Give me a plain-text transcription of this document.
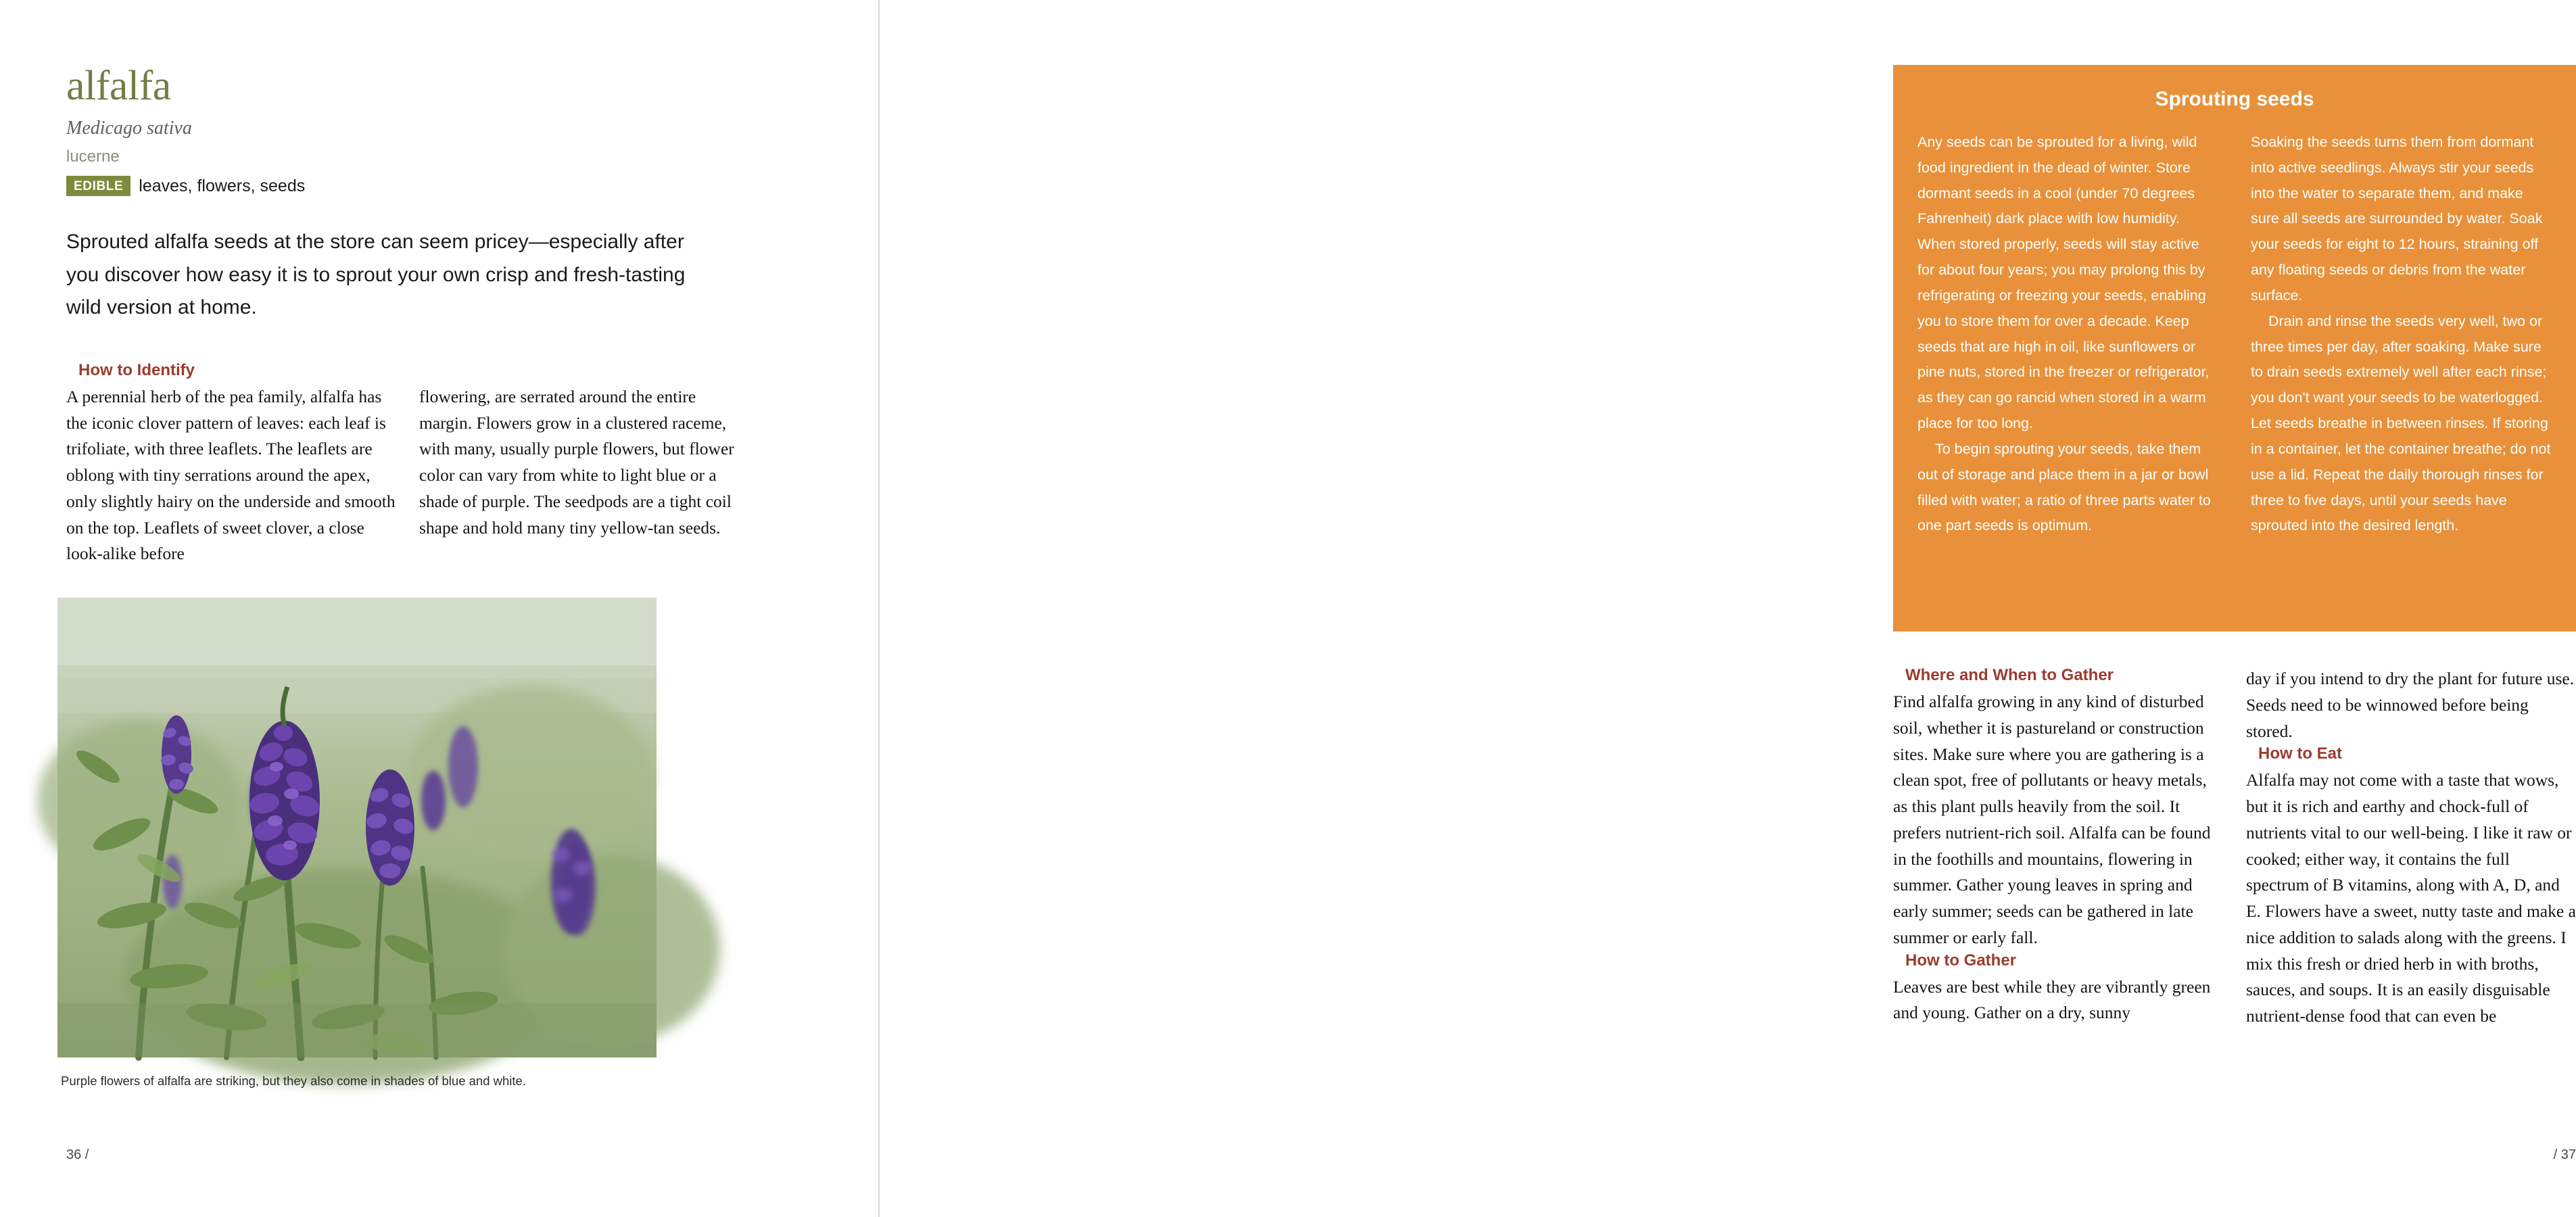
alfalfa
Medicago sativa
lucerne
EDIBLE leaves, flowers, seeds
Sprouted alfalfa seeds at the store can seem pricey—especially after you discover how easy it is to sprout your own crisp and fresh-tasting wild version at home.
How to Identify

A perennial herb of the pea family, alfalfa has the iconic clover pattern of leaves: each leaf is trifoliate, with three leaflets. The leaflets are oblong with tiny serrations around the apex, only slightly hairy on the underside and smooth on the top. Leaflets of sweet clover, a close look-alike before

flowering, are serrated around the entire margin. Flowers grow in a clustered raceme, with many, usually purple flowers, but flower color can vary from white to light blue or a shade of purple. The seedpods are a tight coil shape and hold many tiny yellow-tan seeds.

Purple flowers of alfalfa are striking, but they also come in shades of blue and white.
36 /
Sprouting seeds

Any seeds can be sprouted for a living, wild food ingredient in the dead of winter. Store dormant seeds in a cool (under 70 degrees Fahrenheit) dark place with low humidity. When stored properly, seeds will stay active for about four years; you may prolong this by refrigerating or freezing your seeds, enabling you to store them for over a decade. Keep seeds that are high in oil, like sunflowers or pine nuts, stored in the freezer or refrigerator, as they can go rancid when stored in a warm place for too long.

To begin sprouting your seeds, take them out of storage and place them in a jar or bowl filled with water; a ratio of three parts water to one part seeds is optimum.

Soaking the seeds turns them from dormant into active seedlings. Always stir your seeds into the water to separate them, and make sure all seeds are surrounded by water. Soak your seeds for eight to 12 hours, straining off any floating seeds or debris from the water surface.

Drain and rinse the seeds very well, two or three times per day, after soaking. Make sure to drain seeds extremely well after each rinse; you don't want your seeds to be waterlogged. Let seeds breathe in between rinses. If storing in a container, let the container breathe; do not use a lid. Repeat the daily thorough rinses for three to five days, until your seeds have sprouted into the desired length.

Where and When to Gather

Find alfalfa growing in any kind of disturbed soil, whether it is pastureland or construction sites. Make sure where you are gathering is a clean spot, free of pollutants or heavy metals, as this plant pulls heavily from the soil. It prefers nutrient-rich soil. Alfalfa can be found in the foothills and mountains, flowering in summer. Gather young leaves in spring and early summer; seeds can be gathered in late summer or early fall.

How to Gather

Leaves are best while they are vibrantly green and young. Gather on a dry, sunny

day if you intend to dry the plant for future use. Seeds need to be winnowed before being stored.

How to Eat

Alfalfa may not come with a taste that wows, but it is rich and earthy and chock-full of nutrients vital to our well-being. I like it raw or cooked; either way, it contains the full spectrum of B vitamins, along with A, D, and E. Flowers have a sweet, nutty taste and make a nice addition to salads along with the greens. I mix this fresh or dried herb in with broths, sauces, and soups. It is an easily disguisable nutrient-dense food that can even be

/ 37
